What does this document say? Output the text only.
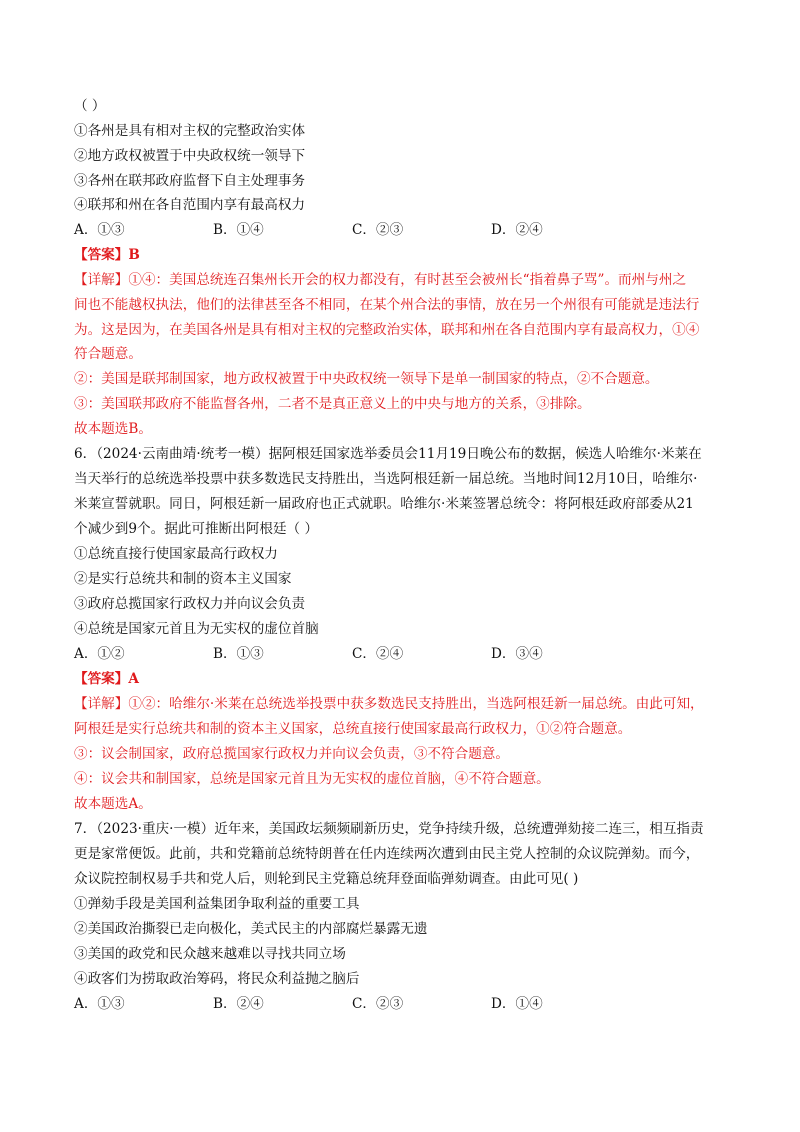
（ ）
①各州是具有相对主权的完整政治实体
②地方政权被置于中央政权统一领导下
③各州在联邦政府监督下自主处理事务
④联邦和州在各自范围内享有最高权力
A．①③	B．①④	C．②③	D．②④
【答案】B
【详解】①④：美国总统连召集州长开会的权力都没有，有时甚至会被州长“指着鼻子骂”。而州与州之
间也不能越权执法，他们的法律甚至各不相同，在某个州合法的事情，放在另一个州很有可能就是违法行
为。这是因为，在美国各州是具有相对主权的完整政治实体，联邦和州在各自范围内享有最高权力，①④
符合题意。
②：美国是联邦制国家，地方政权被置于中央政权统一领导下是单一制国家的特点，②不合题意。
③：美国联邦政府不能监督各州，二者不是真正意义上的中央与地方的关系，③排除。
故本题选B。
6．（2024·云南曲靖·统考一模）据阿根廷国家选举委员会11月19日晚公布的数据，候选人哈维尔·米莱在
当天举行的总统选举投票中获多数选民支持胜出，当选阿根廷新一届总统。当地时间12月10日，哈维尔·
米莱宣誓就职。同日，阿根廷新一届政府也正式就职。哈维尔·米莱签署总统令：将阿根廷政府部委从21
个减少到9个。据此可推断出阿根廷（ ）
①总统直接行使国家最高行政权力
②是实行总统共和制的资本主义国家
③政府总揽国家行政权力并向议会负责
④总统是国家元首且为无实权的虚位首脑
A．①②	B．①③	C．②④	D．③④
【答案】A
【详解】①②：哈维尔·米莱在总统选举投票中获多数选民支持胜出，当选阿根廷新一届总统。由此可知，
阿根廷是实行总统共和制的资本主义国家，总统直接行使国家最高行政权力，①②符合题意。
③：议会制国家，政府总揽国家行政权力并向议会负责，③不符合题意。
④：议会共和制国家，总统是国家元首且为无实权的虚位首脑，④不符合题意。
故本题选A。
7．（2023·重庆·一模）近年来，美国政坛频频刷新历史，党争持续升级，总统遭弹劾接二连三，相互指责
更是家常便饭。此前，共和党籍前总统特朗普在任内连续两次遭到由民主党人控制的众议院弹劾。而今，
众议院控制权易手共和党人后，则轮到民主党籍总统拜登面临弹劾调查。由此可见( )
①弹劾手段是美国利益集团争取利益的重要工具
②美国政治撕裂已走向极化，美式民主的内部腐烂暴露无遗
③美国的政党和民众越来越难以寻找共同立场
④政客们为捞取政治筹码，将民众利益抛之脑后
A．①③	B．②④	C．②③	D．①④
